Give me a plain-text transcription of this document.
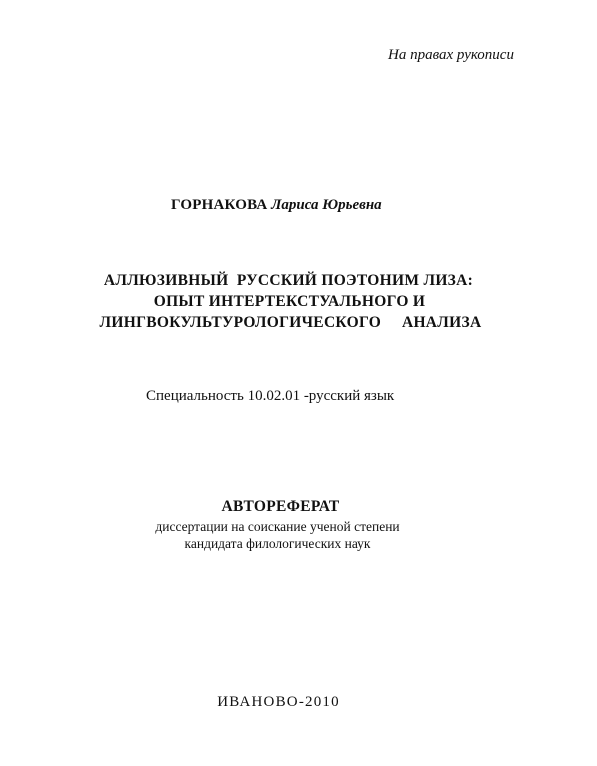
На правах рукописи
ГОРНАКОВА Лариса Юрьевна
АЛЛЮЗИВНЫЙ  РУССКИЙ ПОЭТОНИМ ЛИЗА:
ОПЫТ ИНТЕРТЕКСТУАЛЬНОГО И
ЛИНГВОКУЛЬТУРОЛОГИЧЕСКОГО     АНАЛИЗА
Специальность 10.02.01 -русский язык
АВТОРЕФЕРАТ
диссертации на соискание ученой степени
кандидата филологических наук
ИВАНОВО-2010
